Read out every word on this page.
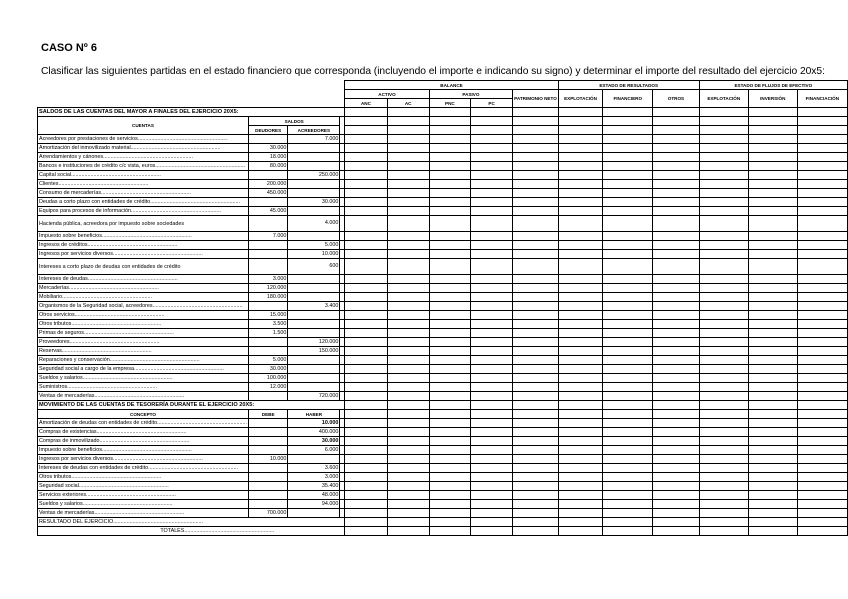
CASO Nº 6
Clasificar las siguientes partidas en el estado financiero que corresponda (incluyendo el importe e indicando su signo) y determinar el importe del resultado del ejercicio 20x5:
				BALANCE					ESTADO DE RESULTADOS			ESTADO DE FLUJOS DE EFECTIVO		
				ACTIVO		PASIVO		PATRIMONIO NETO	EXPLOTACIÓN	FINANCIERO	OTROS	EXPLOTACIÓN	INVERSIÓN	FINANCIACIÓN
				ANC	AC	PNC	PC							
SALDOS DE LAS CUENTAS DEL MAYOR A FINALES DEL EJERCICIO 20X5:														
CUENTAS	SALDOS													
	DEUDORES	ACREEDORES												
Acreedores por prestaciones de servicios............................................................		7.000												
Amortización del inmovilizado material............................................................	30.000													
Arrendamientos y cánones............................................................	18.000													
Bancos e instituciones de crédito c/c vista, euros............................................................	80.000													
Capital social............................................................		250.000												
Clientes............................................................	200.000													
Consumo de mercaderías............................................................	450.000													
Deudas a corto plazo con entidades de crédito............................................................		30.000												
Equipos para procesos de información............................................................	45.000													
Hacienda pública, acreedora por impuesto sobre sociedades		4.000												
Impuesto sobre beneficios............................................................	7.000													
Ingresos de créditos............................................................		5.000												
Ingresos por servicios diversos............................................................		10.000												
Intereses a corto plazo de deudas con entidades de crédito		600												
Intereses de deudas............................................................	3.000													
Mercaderías............................................................	120.000													
Mobiliario............................................................	180.000													
Organismos de la Seguridad social, acreedores............................................................		3.400												
Otros servicios............................................................	15.000													
Otros tributos............................................................	3.500													
Primas de seguros............................................................	1.500													
Proveedores............................................................		120.000												
Reservas............................................................		150.000												
Reparaciones y conservación............................................................	5.000													
Seguridad social a cargo de la empresa............................................................	30.000													
Sueldos y salarios............................................................	100.000													
Suministros............................................................	12.000													
Ventas de mercaderías............................................................		720.000												
MOVIMIENTO DE LAS CUENTAS DE TESORERÍA DURANTE EL EJERCICIO 20X5:														
CONCEPTO	DEBE	HABER												
Amortización de deudas con entidades de crédito............................................................		10.000												
Compras de existencias............................................................		400.000												
Compras de inmovilizado............................................................		30.000												
Impuesto sobre beneficios............................................................		6.000												
Ingresos por servicios diversos............................................................	10.000													
Intereses de deudas con entidades de crédito............................................................		3.600												
Otros tributos............................................................		3.000												
Seguridad social............................................................		35.400												
Servicios exteriores............................................................		48.000												
Sueldos y salarios............................................................		94.000												
Ventas de mercaderías............................................................	700.000													
RESULTADO DEL EJERCICIO............................................................														
TOTALES............................................................														
